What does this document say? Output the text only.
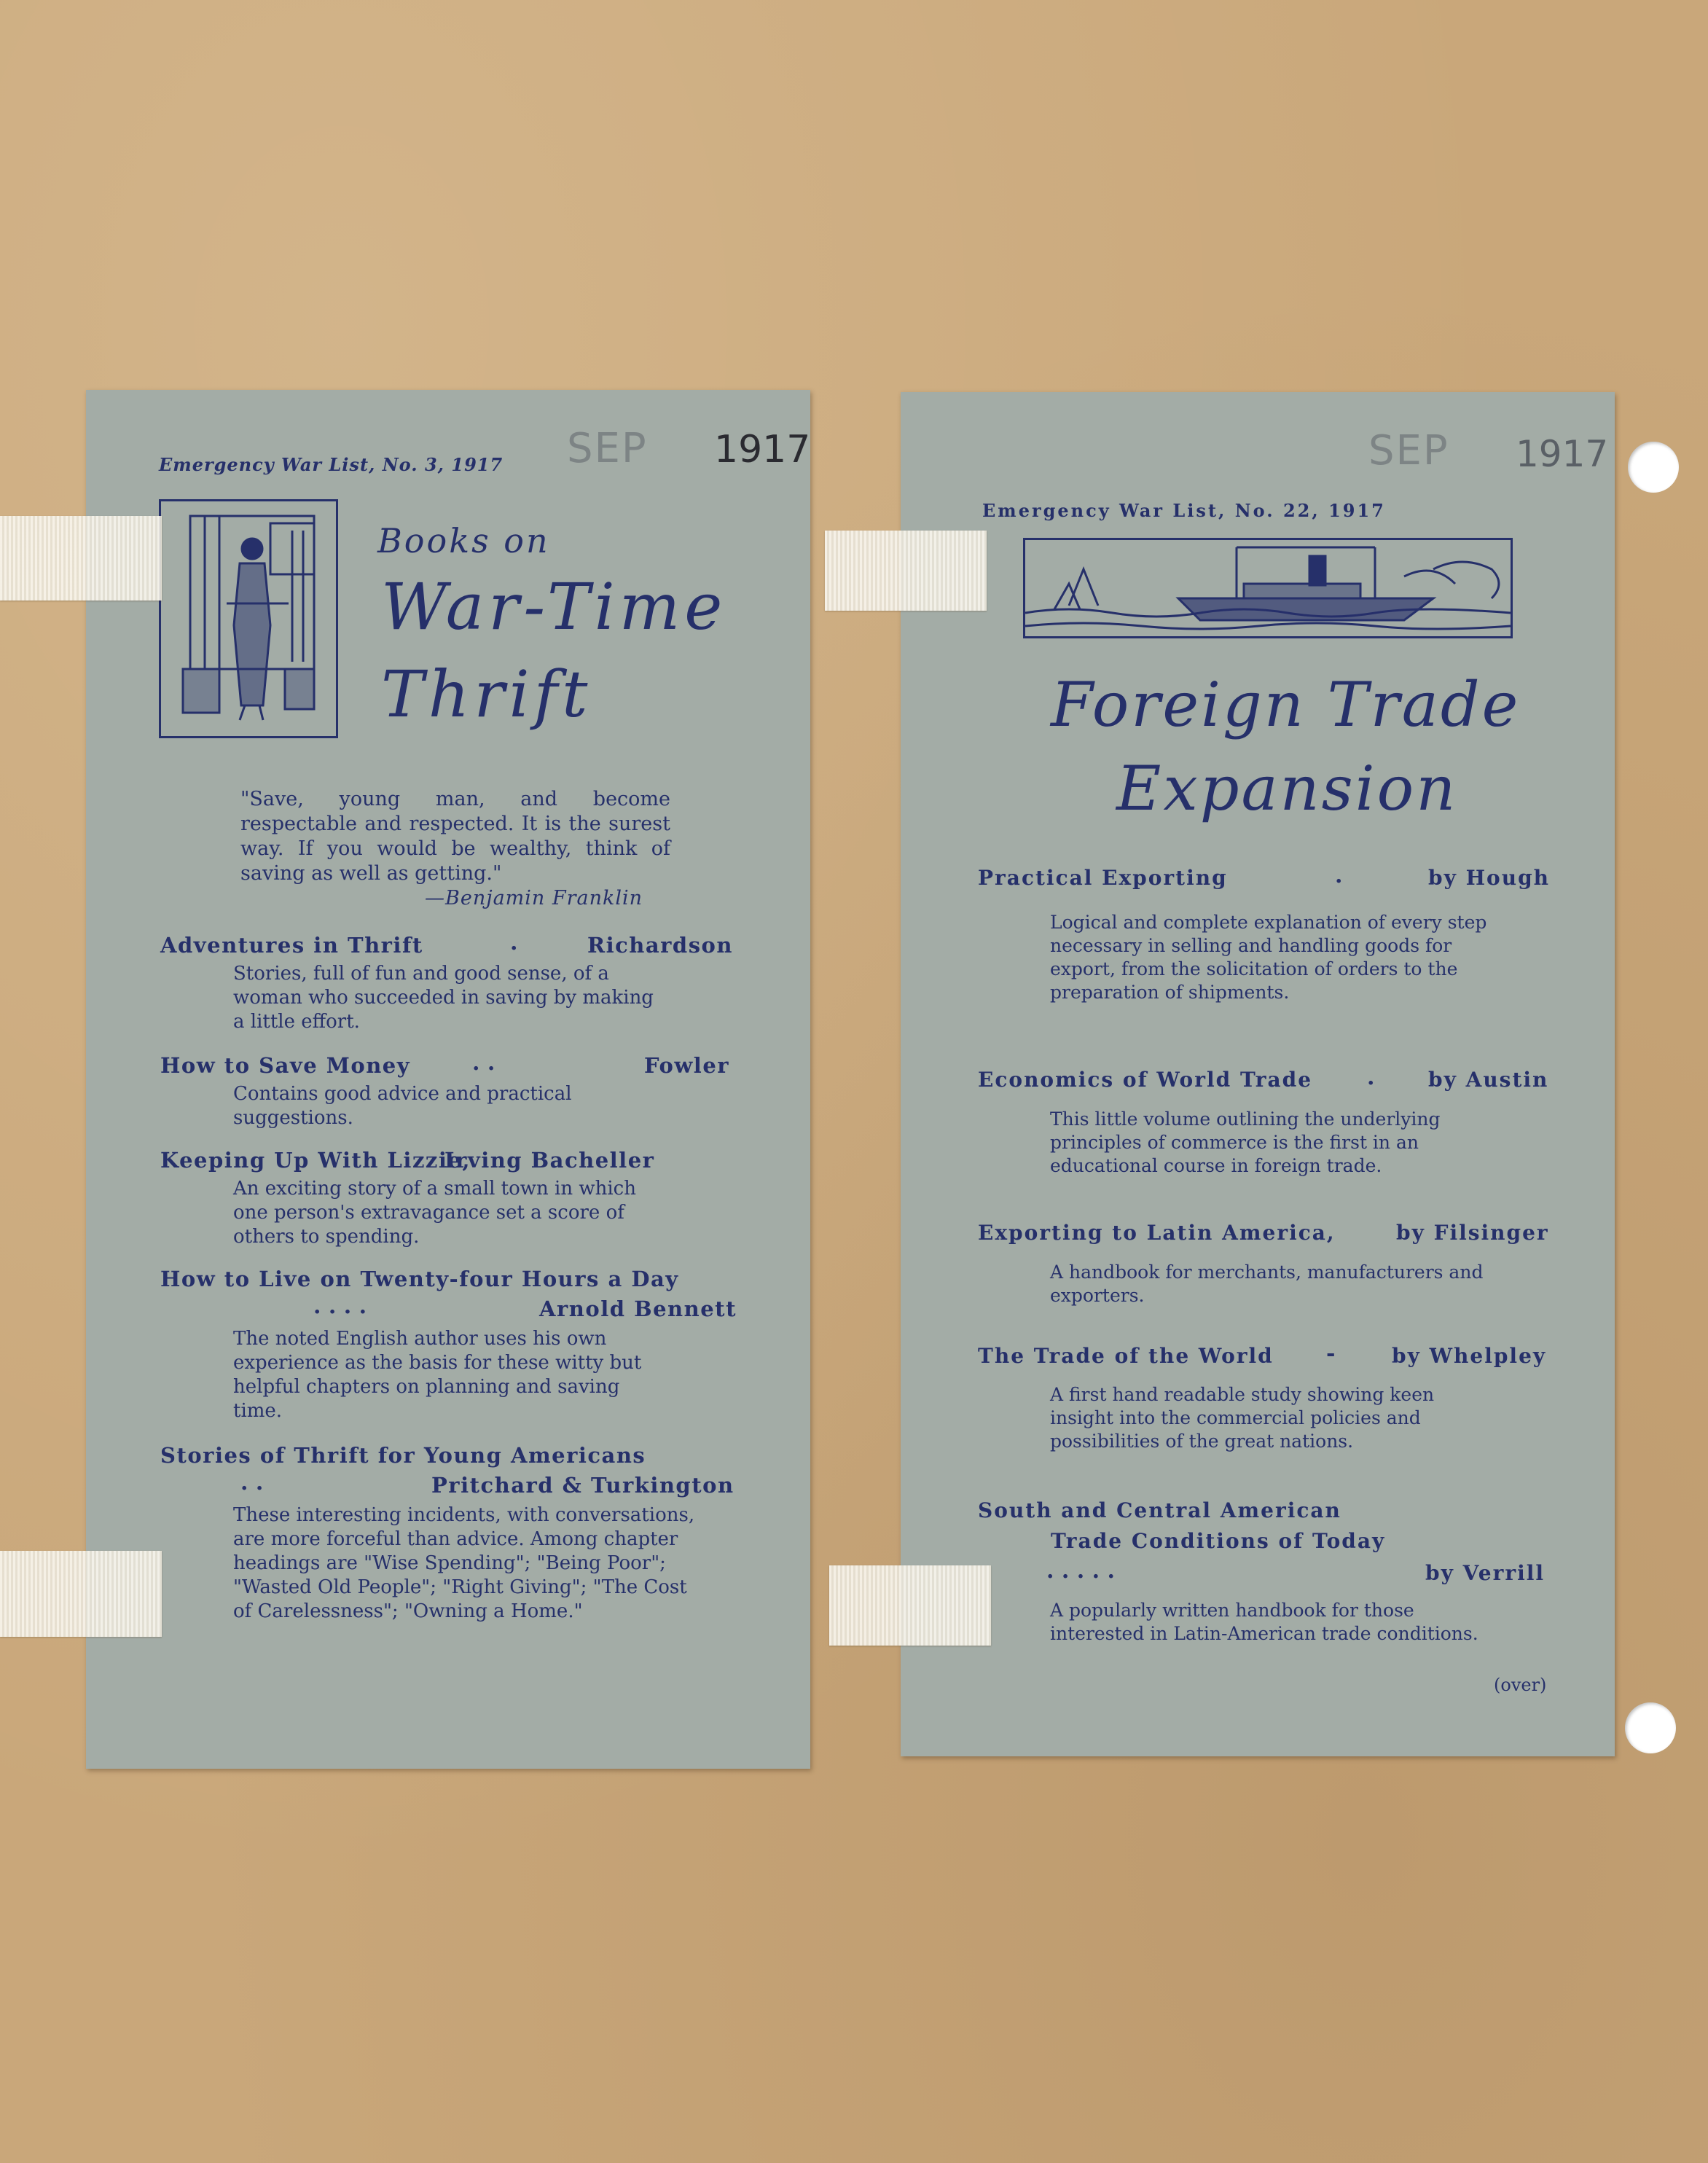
Emergency War List, No. 3, 1917 SEP 1917
Books on
War-Time
Thrift
"Save, young man, and become respectable and respected. It is the surest way. If you would be wealthy, think of saving as well as getting."
—Benjamin Franklin
Adventures in Thrift	.	Richardson
Stories, full of fun and good sense, of a woman who succeeded in saving by making a little effort.
How to Save Money	. .	Fowler
Contains good advice and practical suggestions.
Keeping Up With Lizzie,
Irving Bacheller
An exciting story of a small town in which one person's extravagance set a score of others to spending.
How to Live on Twenty-four Hours a Day
. . . .	Arnold Bennett
The noted English author uses his own experience as the basis for these witty but helpful chapters on planning and saving time.
Stories of Thrift for Young Americans
. .	Pritchard & Turkington
These interesting incidents, with conversations, are more forceful than advice. Among chapter headings are "Wise Spending"; "Being Poor"; "Wasted Old People"; "Right Giving"; "The Cost of Carelessness"; "Owning a Home."
Emergency War List, No. 22, 1917
SEP 1917
Foreign Trade
Expansion
Practical Exporting	.	by Hough
Logical and complete explanation of every step necessary in selling and handling goods for export, from the solicitation of orders to the preparation of shipments.
Economics of World Trade .	by Austin
This little volume outlining the underlying principles of commerce is the first in an educational course in foreign trade.
Exporting to Latin America,	by Filsinger
A handbook for merchants, manufacturers and exporters.
The Trade of the World -	by Whelpley
A first hand readable study showing keen insight into the commercial policies and possibilities of the great nations.
South and Central American
Trade Conditions of Today
. . . . .	by Verrill
A popularly written handbook for those interested in Latin-American trade conditions.
(over)
